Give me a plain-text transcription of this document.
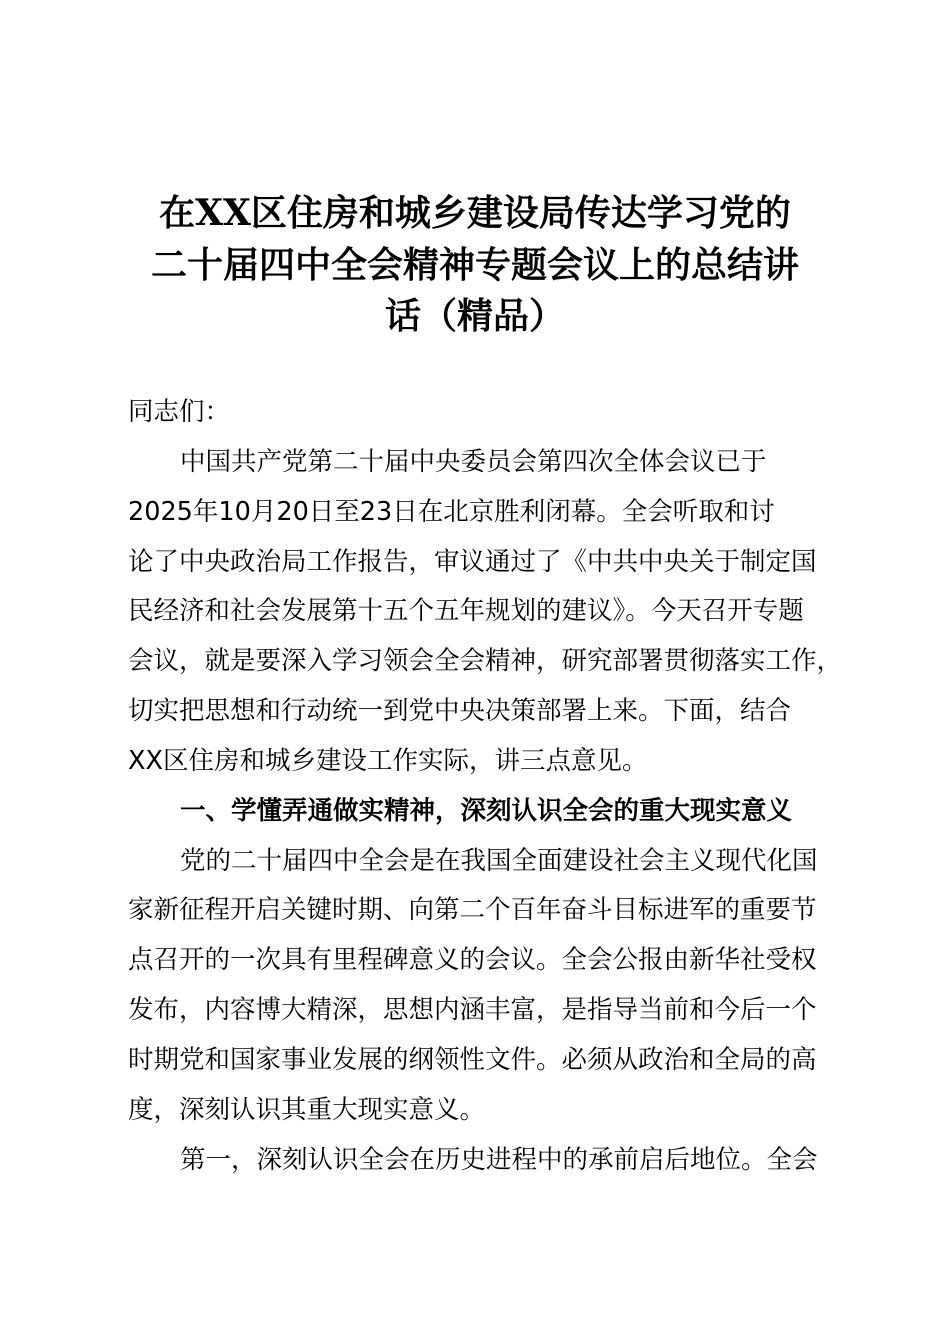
在XX区住房和城乡建设局传达学习党的
二十届四中全会精神专题会议上的总结讲
话（精品）
同志们：
中国共产党第二十届中央委员会第四次全体会议已于
2025年10月20日至23日在北京胜利闭幕。全会听取和讨
论了中央政治局工作报告，审议通过了《中共中央关于制定国
民经济和社会发展第十五个五年规划的建议》。今天召开专题
会议，就是要深入学习领会全会精神，研究部署贯彻落实工作，
切实把思想和行动统一到党中央决策部署上来。下面，结合
XX区住房和城乡建设工作实际，讲三点意见。
一、学懂弄通做实精神，深刻认识全会的重大现实意义
党的二十届四中全会是在我国全面建设社会主义现代化国
家新征程开启关键时期、向第二个百年奋斗目标进军的重要节
点召开的一次具有里程碑意义的会议。全会公报由新华社受权
发布，内容博大精深，思想内涵丰富，是指导当前和今后一个
时期党和国家事业发展的纲领性文件。必须从政治和全局的高
度，深刻认识其重大现实意义。
第一，深刻认识全会在历史进程中的承前启后地位。全会
